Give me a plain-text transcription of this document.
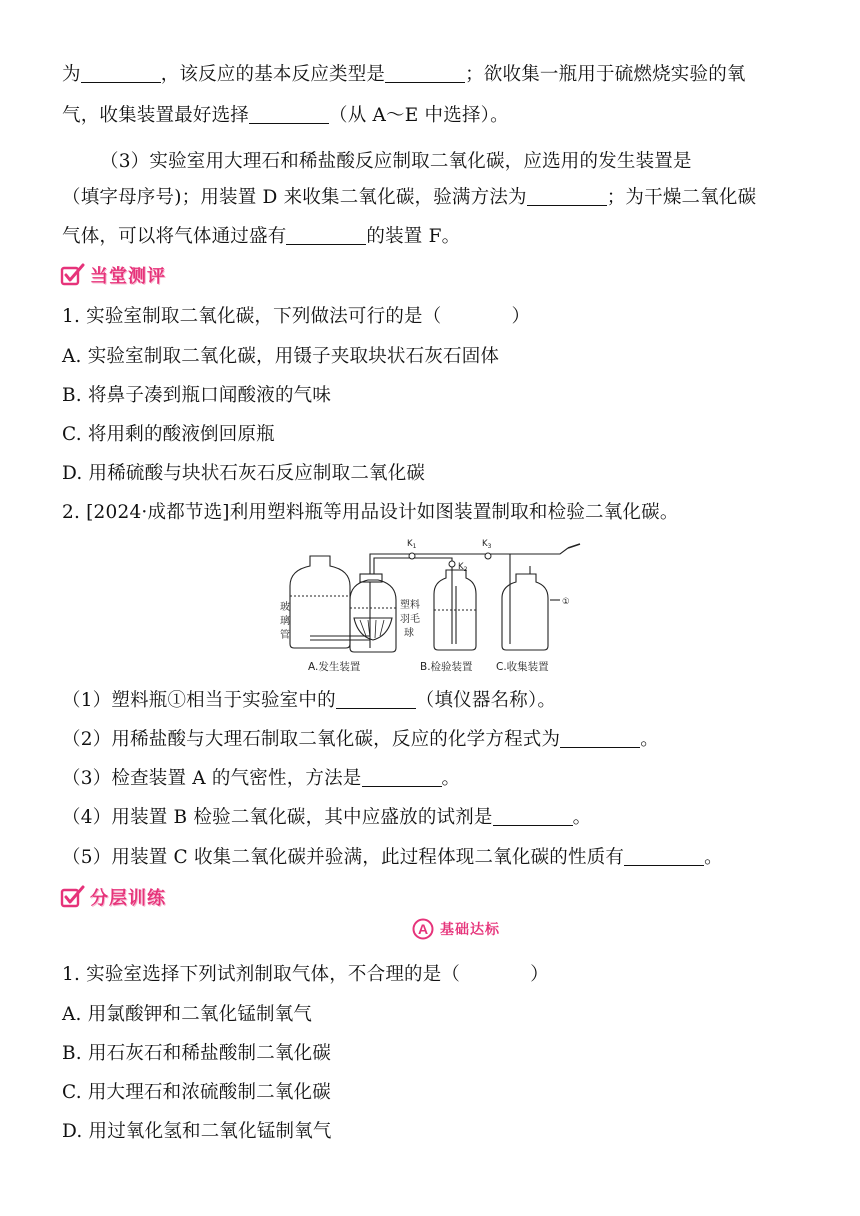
为	，该反应的基本反应类型是	；欲收集一瓶用于硫燃烧实验的氧
气，收集装置最好选择	（从 A～E 中选择）。
（3）实验室用大理石和稀盐酸反应制取二氧化碳，应选用的发生装置是
（填字母序号)；用装置 D 来收集二氧化碳，验满方法为	；为干燥二氧化碳
气体，可以将气体通过盛有	的装置 F。
当堂测评
1. 实验室制取二氧化碳，下列做法可行的是（	）
A. 实验室制取二氧化碳，用镊子夹取块状石灰石固体
B. 将鼻子凑到瓶口闻酸液的气味
C. 将用剩的酸液倒回原瓶
D. 用稀硫酸与块状石灰石反应制取二氧化碳
2. [2024·成都节选]利用塑料瓶等用品设计如图装置制取和检验二氧化碳。
$K_1$
$K_2$
$K_3$
①
玻
璃
管
塑 料
羽 毛
球
A.发生装置	B.检验装置 C.收集装置
（1）塑料瓶①相当于实验室中的	（填仪器名称）。
（2）用稀盐酸与大理石制取二氧化碳，反应的化学方程式为	。
（3）检查装置 A 的气密性，方法是	。
（4）用装置 B 检验二氧化碳，其中应盛放的试剂是	。
（5）用装置 C 收集二氧化碳并验满，此过程体现二氧化碳的性质有	。
分层训练
A 基础达标
1. 实验室选择下列试剂制取气体，不合理的是（	）
A. 用氯酸钾和二氧化锰制氧气
B. 用石灰石和稀盐酸制二氧化碳
C. 用大理石和浓硫酸制二氧化碳
D. 用过氧化氢和二氧化锰制氧气
